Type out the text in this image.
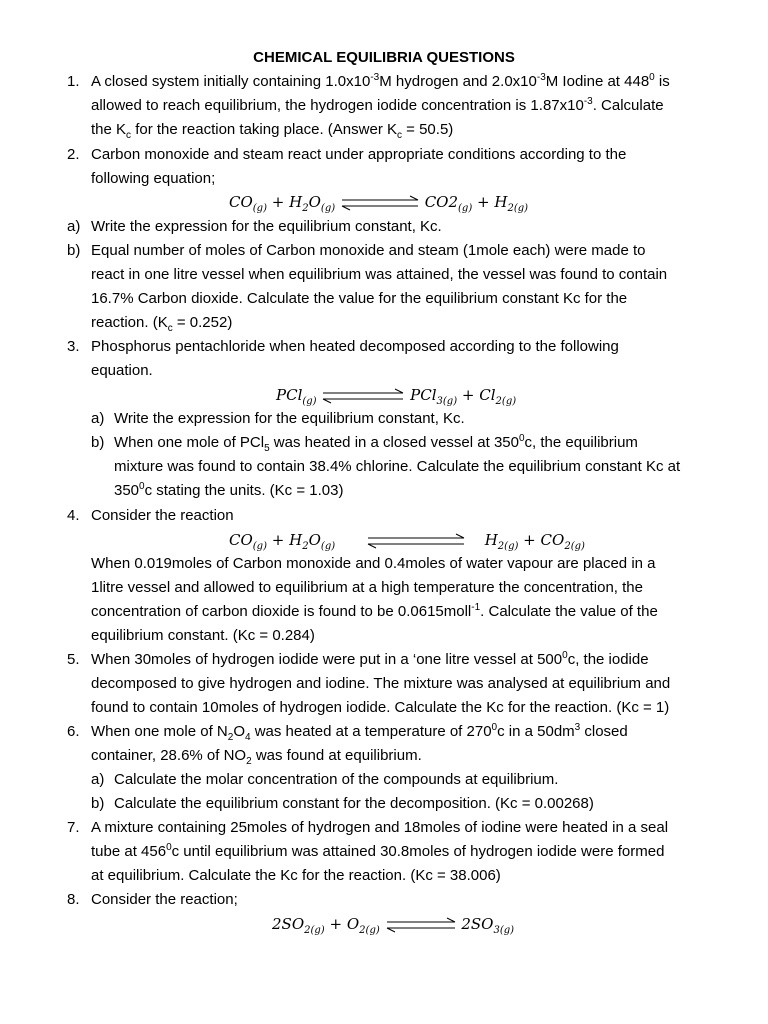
CHEMICAL EQUILIBRIA QUESTIONS
1. A closed system initially containing $1.0x10^{-3}M$ hydrogen and $2.0x10^{-3}M$ Iodine at $448^0$ is
allowed to reach equilibrium, the hydrogen iodide concentration is $1.87x10^{-3}$. Calculate
the $K_c$ for the reaction taking place. (Answer $K_c = 50.5$)
2. Carbon monoxide and steam react under appropriate conditions according to the
following equation;
$CO_{(g)} + H_2O_{(g)}$	$CO2_{(g)} + H_{2(g)}$
a) Write the expression for the equilibrium constant, Kc.
b) Equal number of moles of Carbon monoxide and steam (1mole each) were made to
react in one litre vessel when equilibrium was attained, the vessel was found to contain
16.7% Carbon dioxide. Calculate the value for the equilibrium constant Kc for the
reaction. $(K_c = 0.252)$
3. Phosphorus pentachloride when heated decomposed according to the following
equation.
PCl$_{(g)}$	$PCl_{3(g)} + Cl_{2(g)}$
a) Write the expression for the equilibrium constant, Kc.
b) When one mole of PCl$_5$ was heated in a closed vessel at $350^0c$, the equilibrium
mixture was found to contain 38.4% chlorine. Calculate the equilibrium constant Kc at
$350^0c$ stating the units. (Kc = 1.03)
4. Consider the reaction
$CO_{(g)} + H_2O_{(g)}$	$H_{2(g)} + CO_{2(g)}$
When 0.019moles of Carbon monoxide and 0.4moles of water vapour are placed in a
1litre vessel and allowed to equilibrium at a high temperature the concentration, the
concentration of carbon dioxide is found to be 0.0615moll$^{-1}$. Calculate the value of the
equilibrium constant. (Kc = 0.284)
5. When 30moles of hydrogen iodide were put in a ‘one litre vessel at $500^0c$, the iodide
decomposed to give hydrogen and iodine. The mixture was analysed at equilibrium and
found to contain 10moles of hydrogen iodide. Calculate the Kc for the reaction. (Kc = 1)
6. When one mole of $N_2O_4$ was heated at a temperature of $270^0c$ in a $50dm^3$ closed
container, 28.6% of $NO_2$ was found at equilibrium.
a) Calculate the molar concentration of the compounds at equilibrium.
b) Calculate the equilibrium constant for the decomposition. (Kc = 0.00268)
7. A mixture containing 25moles of hydrogen and 18moles of iodine were heated in a seal
tube at $456^0c$ until equilibrium was attained 30.8moles of hydrogen iodide were formed
at equilibrium. Calculate the Kc for the reaction. (Kc = 38.006)
8. Consider the reaction;
$2SO_{2(g)} + O_{2(g)}$	$2SO_{3(g)}$
